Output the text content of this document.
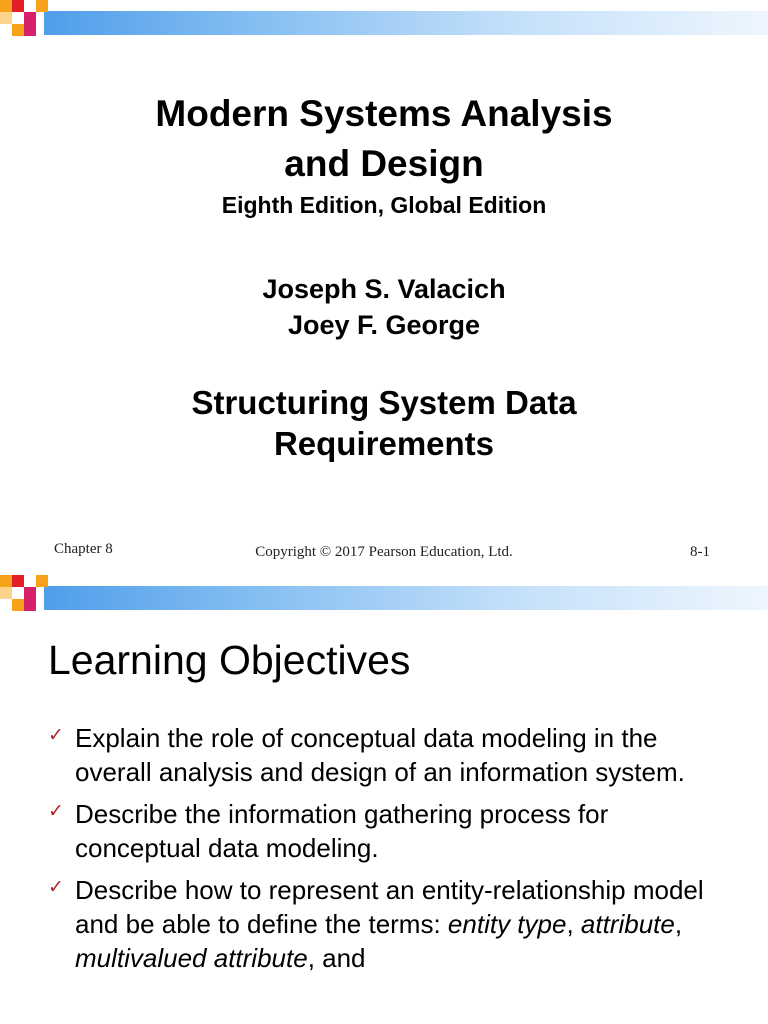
Modern Systems Analysis
and Design
Eighth Edition, Global Edition
Joseph S. Valacich
Joey F. George
Structuring System Data
Requirements
Chapter 8	Copyright © 2017 Pearson Education, Ltd.	8-1
Learning Objectives
✓ Explain the role of conceptual data modeling in the overall analysis and design of an information system.
✓ Describe the information gathering process for conceptual data modeling.
✓ Describe how to represent an entity-relationship model and be able to define the terms: entity type, attribute, multivalued attribute, and
